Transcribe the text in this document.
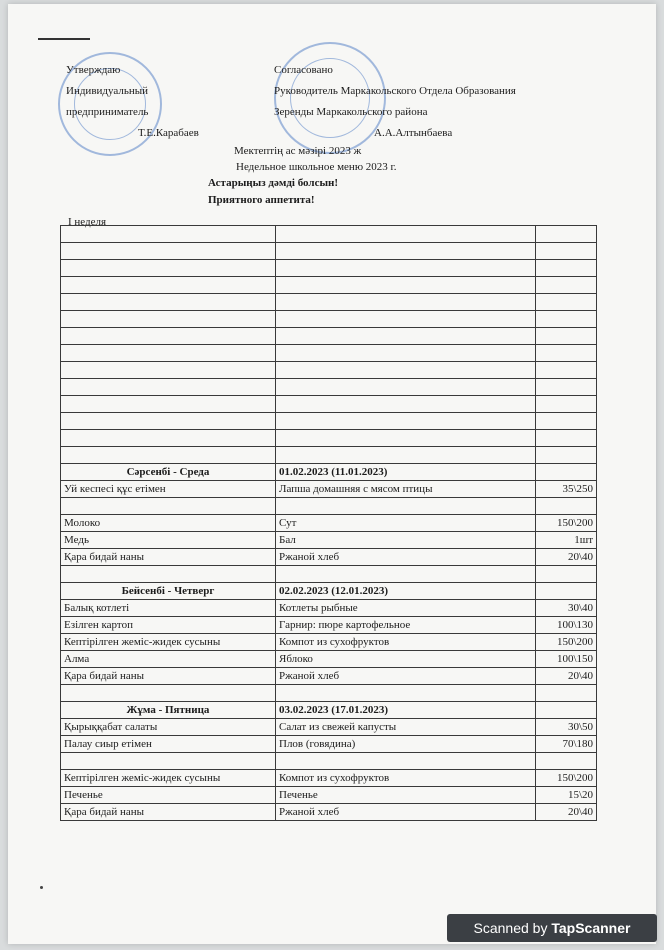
Утверждаю
Индивидуальный
предприниматель
Т.Е.Карабаев
Согласовано
Руководитель Маркакольского Отдела Образования
Зеренды Маркакольского района
А.А.Алтынбаева
Мектептің ас мәзірі 2023 ж
Недельное школьное меню 2023 г.
Астарыңыз дәмді болсын!
Приятного аппетита!
I неделя

Сәрсенбі - Среда	01.02.2023 (11.01.2023)	
Уй кеспесі құс етімен	Лапша домашняя с мясом птицы	35\250

Молоко	Сут	150\200
Медь	Бал	1шт
Қара бидай наны	Ржаной хлеб	20\40

Бейсенбі - Четверг	02.02.2023 (12.01.2023)	
Балық котлеті	Котлеты рыбные	30\40
Езілген картоп	Гарнир: пюре картофельное	100\130
Кептірілген жеміс-жидек сусыны	Компот из сухофруктов	150\200
Алма	Яблоко	100\150
Қара бидай наны	Ржаной хлеб	20\40

Жұма - Пятница	03.02.2023 (17.01.2023)	
Қырыққабат салаты	Салат из свежей капусты	30\50
Палау сиыр етімен	Плов (говядина)	70\180

Кептірілген жеміс-жидек сусыны	Компот из сухофруктов	150\200
Печенье	Печенье	15\20
Қара бидай наны	Ржаной хлеб	20\40
Scanned by TapScanner
